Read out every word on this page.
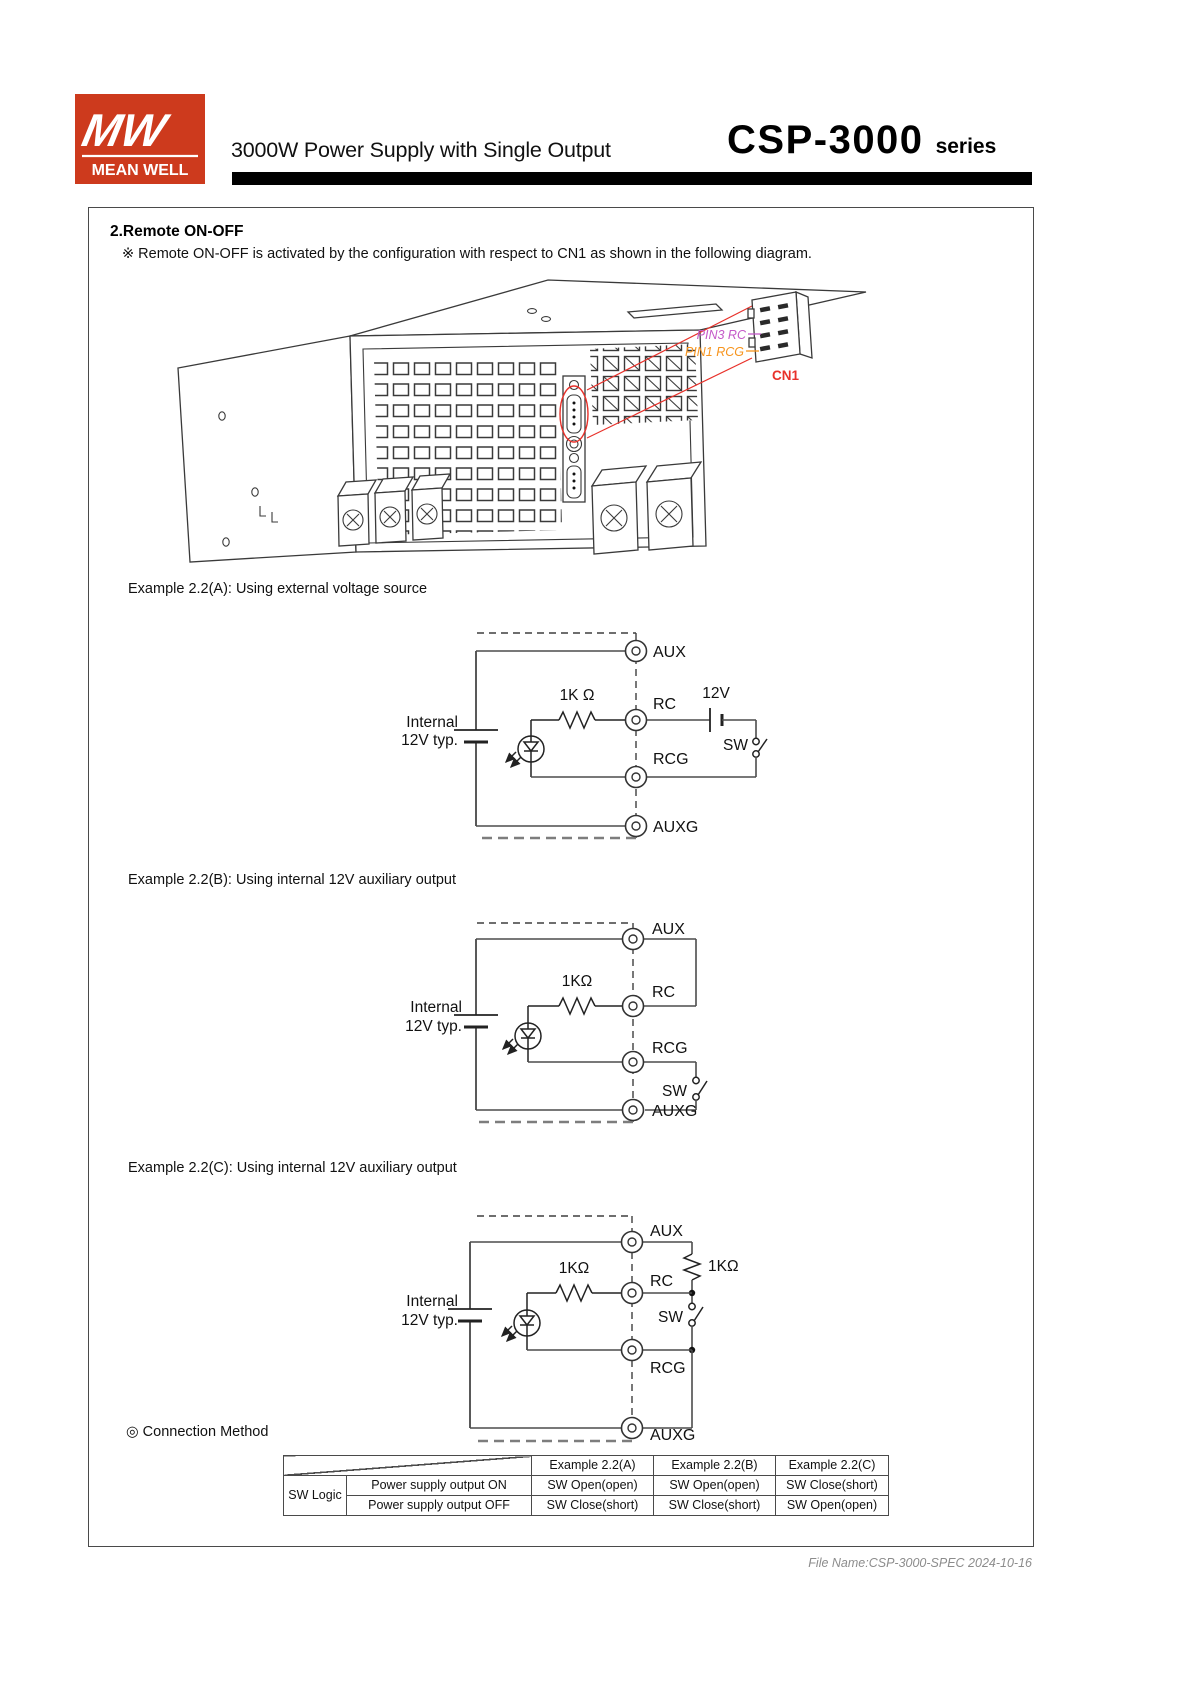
MW
MEAN WELL
3000W Power Supply with Single Output	CSP-3000 series
2.Remote ON-OFF
※ Remote ON-OFF is activated by the configuration with respect to CN1 as shown in the following diagram.
PIN3 RC
PIN1 RCG
CN1
Example 2.2(A): Using external voltage source
Internal
12V typ.
1K Ω	12V
SW
AUX
RC
RCG
AUXG
Example 2.2(B): Using internal 12V auxiliary output
Internal
12V typ.
1KΩ
SW
AUX
RC
RCG
AUXG
Example 2.2(C): Using internal 12V auxiliary output
Internal
12V typ.
1KΩ	1KΩ
SW
AUX
RC
RCG
AUXG
◎ Connection Method
		Example 2.2(A)	Example 2.2(B)	Example 2.2(C)
SW Logic	Power supply output ON	SW Open(open)	SW Open(open)	SW Close(short)
	Power supply output OFF	SW Close(short)	SW Close(short)	SW Open(open)
File Name:CSP-3000-SPEC 2024-10-16
